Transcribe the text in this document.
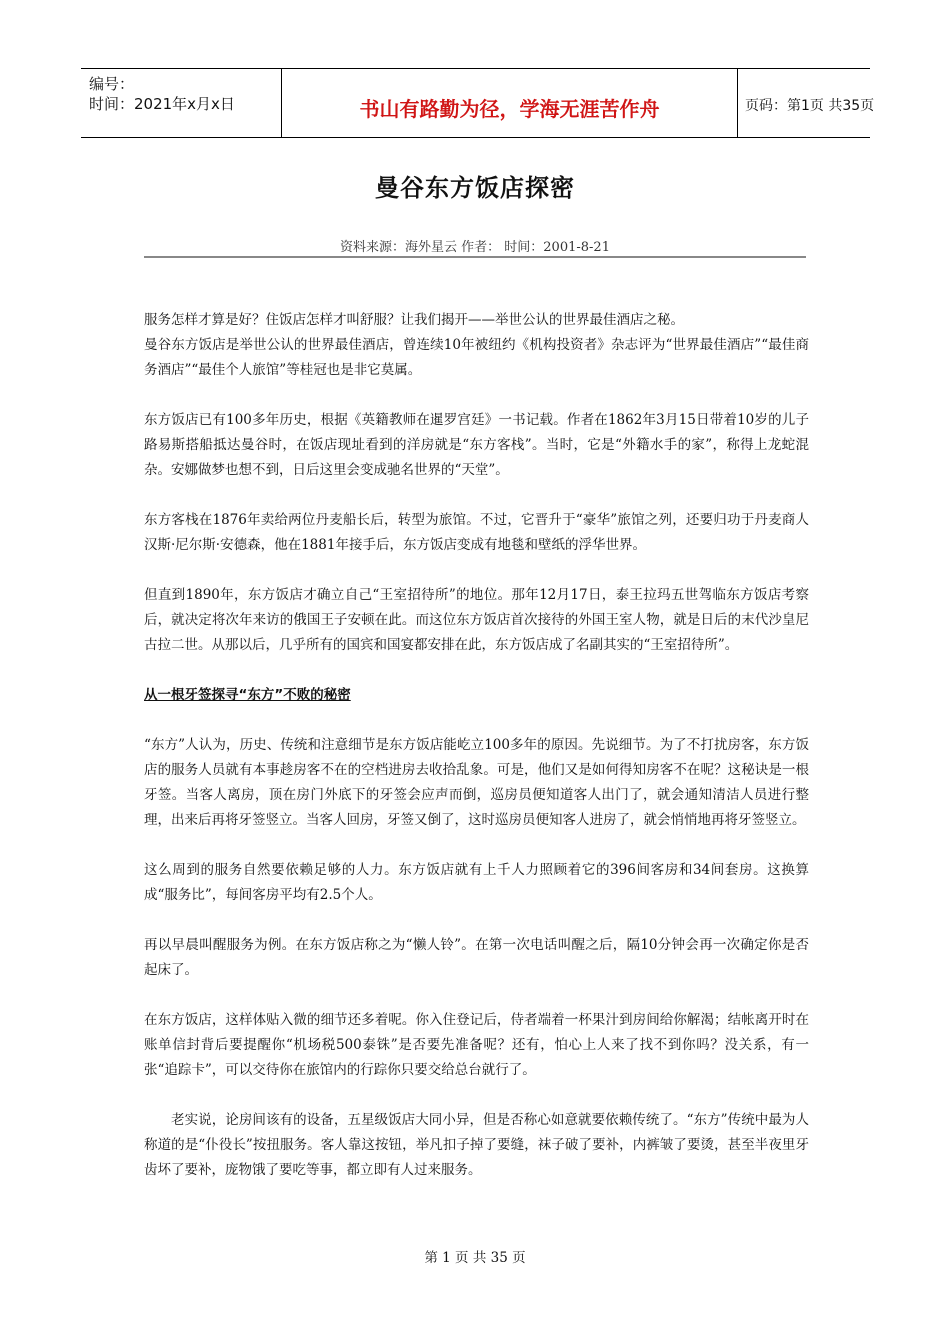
编号：
时间：2021年x月x日	书山有路勤为径，学海无涯苦作舟	页码：第1页 共35页
曼谷东方饭店探密
资料来源：海外星云 作者： 时间：2001-8-21

服务怎样才算是好？住饭店怎样才叫舒服？让我们揭开——举世公认的世界最佳酒店之秘。

曼谷东方饭店是举世公认的世界最佳酒店，曾连续10年被纽约《机构投资者》杂志评为“世界最佳酒店”“最佳商务酒店”“最佳个人旅馆”等桂冠也是非它莫属。

东方饭店已有100多年历史，根据《英籍教师在暹罗宫廷》一书记载。作者在1862年3月15日带着10岁的儿子路易斯搭船抵达曼谷时，在饭店现址看到的洋房就是“东方客栈”。当时，它是“外籍水手的家”，称得上龙蛇混杂。安娜做梦也想不到，日后这里会变成驰名世界的“天堂”。

东方客栈在1876年卖给两位丹麦船长后，转型为旅馆。不过，它晋升于“豪华”旅馆之列，还要归功于丹麦商人汉斯·尼尔斯·安德森，他在1881年接手后，东方饭店变成有地毯和壁纸的浮华世界。

但直到1890年，东方饭店才确立自己“王室招待所”的地位。那年12月17日，泰王拉玛五世驾临东方饭店考察后，就决定将次年来访的俄国王子安顿在此。而这位东方饭店首次接待的外国王室人物，就是日后的末代沙皇尼古拉二世。从那以后，几乎所有的国宾和国宴都安排在此，东方饭店成了名副其实的“王室招待所”。

从一根牙签探寻“东方”不败的秘密

“东方”人认为，历史、传统和注意细节是东方饭店能屹立100多年的原因。先说细节。为了不打扰房客，东方饭店的服务人员就有本事趁房客不在的空档进房去收拾乱象。可是，他们又是如何得知房客不在呢？这秘诀是一根牙签。当客人离房，顶在房门外底下的牙签会应声而倒，巡房员便知道客人出门了，就会通知清洁人员进行整理，出来后再将牙签竖立。当客人回房，牙签又倒了，这时巡房员便知客人进房了，就会悄悄地再将牙签竖立。

这么周到的服务自然要依赖足够的人力。东方饭店就有上千人力照顾着它的396间客房和34间套房。这换算成“服务比”，每间客房平均有2.5个人。

再以早晨叫醒服务为例。在东方饭店称之为“懒人铃”。在第一次电话叫醒之后，隔10分钟会再一次确定你是否起床了。

在东方饭店，这样体贴入微的细节还多着呢。你入住登记后，侍者端着一杯果汁到房间给你解渴；结帐离开时在账单信封背后要提醒你“机场税500泰铢”是否要先准备呢？还有，怕心上人来了找不到你吗？没关系，有一张“追踪卡”，可以交待你在旅馆内的行踪你只要交给总台就行了。

老实说，论房间该有的设备，五星级饭店大同小异，但是否称心如意就要依赖传统了。“东方”传统中最为人称道的是“仆役长”按扭服务。客人靠这按钮，举凡扣子掉了要缝，袜子破了要补，内裤皱了要烫，甚至半夜里牙齿坏了要补，庞物饿了要吃等事，都立即有人过来服务。

第 1 页 共 35 页
